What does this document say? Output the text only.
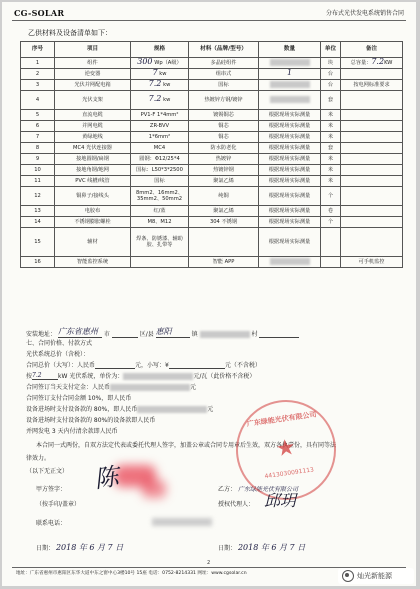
CG-SOLAR	分布式光伏发电系统销售合同
乙供材料及设备清单如下：
序号	项目	规格	材料（品牌/型号）	数量	单位	备注
1	组件	300 Wp（A级）	多晶硅组件		块	总容量：7.2KW
2	逆变器	7 kw	组串式	1	台	
3	光伏并网配电箱	7.2 kw	国标		台	按电网标准要求
4	光伏支架	7.2 kw	热镀锌方钢/镀锌		套	
5	直流电缆	PV1-F 1*4mm²	镀锡铜芯	根据现场实际测量	米	
6	并网电缆	ZR-BVV	铜芯	根据现场实际测量	米	
7	黄绿地线	1*6mm²	铜芯	根据现场实际测量	米	
8	MC4 光伏连接器	MC4	防水防老化	根据现场实际测量	套	
9	接地圆钢/扁钢	圆钢：Φ12/25*4	热镀锌	根据现场实际测量	米	
10	接地角钢/地网	国标：L50*3*2500	热镀锌钢	根据现场实际测量	米	
11	PVC 线槽/线管	国标	聚氯乙烯	根据现场实际测量	米	
12	铜鼻子/接线头	8mm2、16mm2、35mm2、50mm2	纯铜	根据现场实际测量	个	
13	电胶布	红/蓝	聚氯乙烯	根据现场实际测量	卷	
14	不锈钢膨胀螺栓	M8、M12	304 不锈钢	根据现场实际测量	个	
15	辅材	焊条、防锈漆、辅助胶、扎带等		根据现场实际测量		
16	智能监控系统		智能 APP			可手机监控
安装地址： 广东省惠州 市	区/县 惠阳	镇	村
七、合同价格、付款方式
光伏系统总价（含税）：
合同总价（大写）：人民币	元，小写：¥	元（不含税）
按7.2	kW 光伏系统，单价为：	元/瓦（此价格不含税）
合同签订当天支付定金：人民币	元
合同签订支付合同金额 10%，即人民币
设备进场时支付设备款的 80%，即人民币	元
设备进场时支付设备款的 80%的设备款即人民币
并网发电 3 天内付清余款即人民币
本合同一式两份，自双方法定代表或委托代理人签字，加盖公章或合同专用章后生效，双方各执壹份，具有同等法
律效力。
（以下无正文）
甲方签字：
（按手印/盖章）
联系电话：
乙方： 广东绿能光伏有限公司
授权代理人：
日期： 2018 年 6 月 7 日	日期： 2018 年 6 月 7 日
广东绿能光伏有限公司
★
4413030091113
陈
邱玥
2
地址：广东省惠州市惠阳区东华大道中东之窗中心3楼10号 15座 电话：0752-8214331 网址：www.cgsolar.cn	灿光新能源
